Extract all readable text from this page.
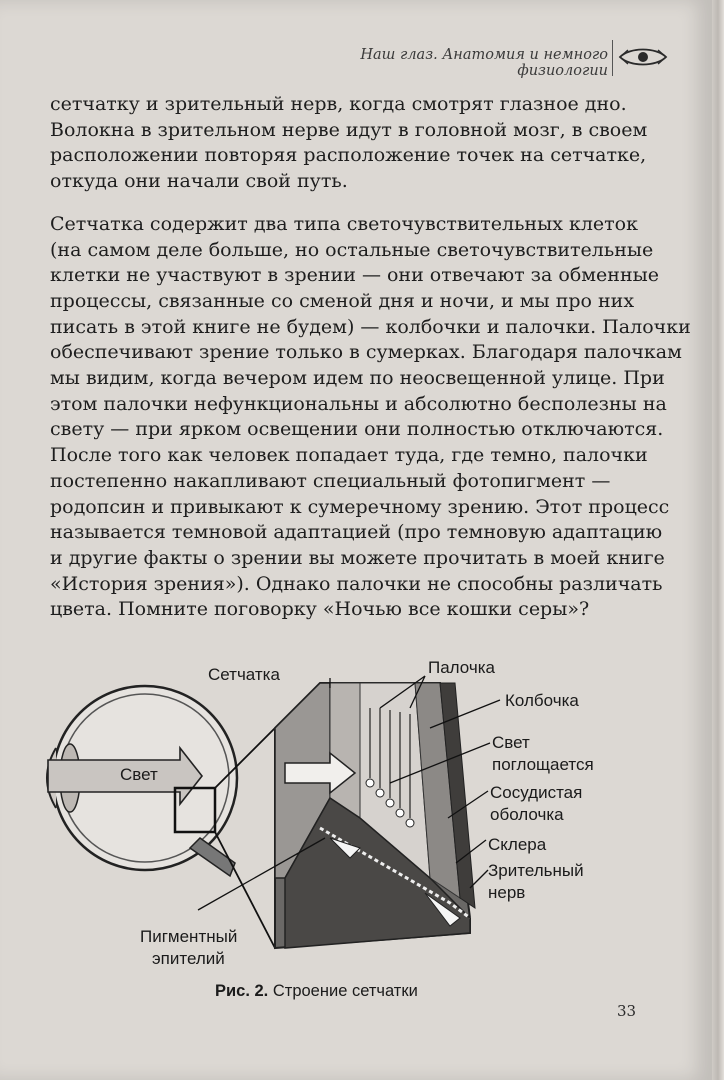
Наш глаз. Анатомия и немного физиологии
сетчатку и зрительный нерв, когда смотрят глазное дно.
Волокна в зрительном нерве идут в головной мозг, в своем
расположении повторяя расположение точек на сетчатке,
откуда они начали свой путь.
Сетчатка содержит два типа светочувствительных клеток
(на самом деле больше, но остальные светочувствительные
клетки не участвуют в зрении — они отвечают за обменные
процессы, связанные со сменой дня и ночи, и мы про них
писать в этой книге не будем) — колбочки и палочки. Палочки
обеспечивают зрение только в сумерках. Благодаря палочкам
мы видим, когда вечером идем по неосвещенной улице. При
этом палочки нефункциональны и абсолютно бесполезны на
свету — при ярком освещении они полностью отключаются.
После того как человек попадает туда, где темно, палочки
постепенно накапливают специальный фотопигмент —
родопсин и привыкают к сумеречному зрению. Этот процесс
называется темновой адаптацией (про темновую адаптацию
и другие факты о зрении вы можете прочитать в моей книге
«История зрения»). Однако палочки не способны различать
цвета. Помните поговорку «Ночью все кошки серы»?
Сетчатка	Палочка
Колбочка
Свет
поглощается
Сосудистая
оболочка
Склера
Зрительный
нерв
Пигментный
эпителий
Свет
Рис. 2. Строение сетчатки
33
